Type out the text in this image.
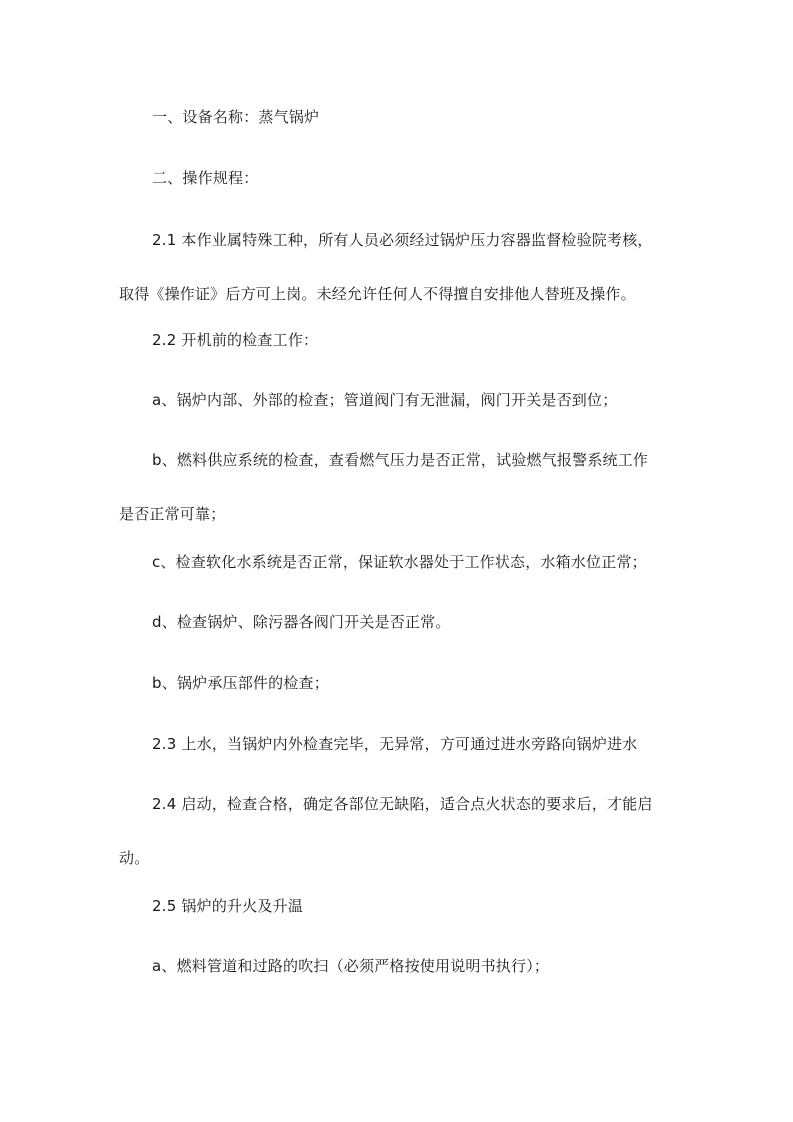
一、设备名称：蒸气锅炉

二、操作规程：

2.1 本作业属特殊工种，所有人员必须经过锅炉压力容器监督检验院考核，
取得《操作证》后方可上岗。未经允许任何人不得擅自安排他人替班及操作。

2.2 开机前的检查工作：

a、锅炉内部、外部的检查；管道阀门有无泄漏，阀门开关是否到位；

b、燃料供应系统的检查，查看燃气压力是否正常，试验燃气报警系统工作
是否正常可靠；

c、检查软化水系统是否正常，保证软水器处于工作状态，水箱水位正常；

d、检查锅炉、除污器各阀门开关是否正常。

b、锅炉承压部件的检查；

2.3 上水，当锅炉内外检查完毕，无异常，方可通过进水旁路向锅炉进水

2.4 启动，检查合格，确定各部位无缺陷，适合点火状态的要求后，才能启
动。

2.5 锅炉的升火及升温

a、燃料管道和过路的吹扫（必须严格按使用说明书执行）；
